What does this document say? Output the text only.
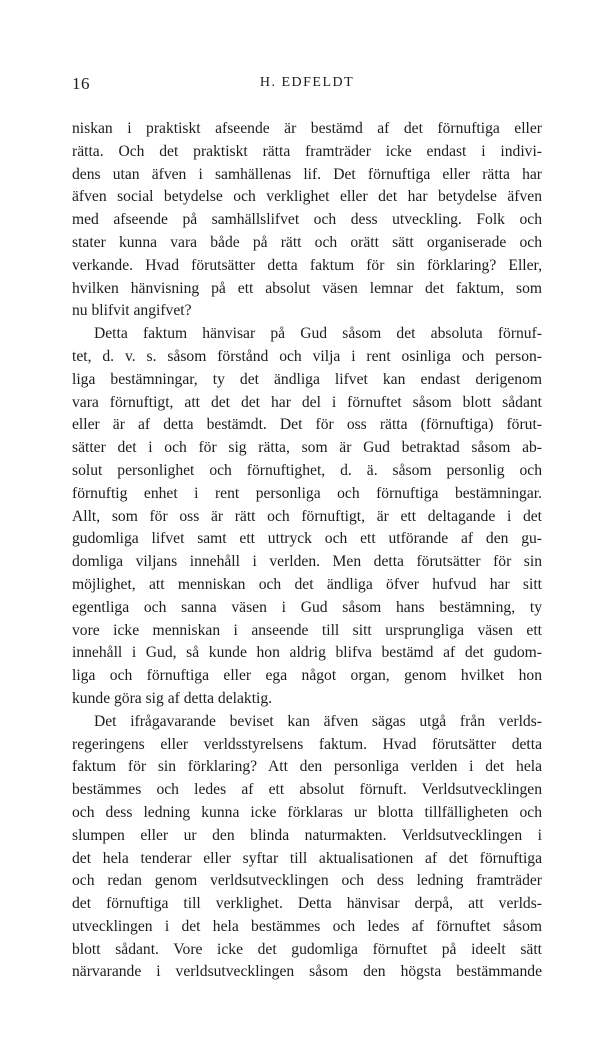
16	H. EDFELDT
niskan i praktiskt afseende är bestämd af det förnuftiga eller
rätta. Och det praktiskt rätta framträder icke endast i indivi-
dens utan äfven i samhällenas lif. Det förnuftiga eller rätta har
äfven social betydelse och verklighet eller det har betydelse äfven
med afseende på samhällslifvet och dess utveckling. Folk och
stater kunna vara både på rätt och orätt sätt organiserade och
verkande. Hvad förutsätter detta faktum för sin förklaring? Eller,
hvilken hänvisning på ett absolut väsen lemnar det faktum, som
nu blifvit angifvet?
Detta faktum hänvisar på Gud såsom det absoluta förnuf-
tet, d. v. s. såsom förstånd och vilja i rent osinliga och person-
liga bestämningar, ty det ändliga lifvet kan endast derigenom
vara förnuftigt, att det det har del i förnuftet såsom blott sådant
eller är af detta bestämdt. Det för oss rätta (förnuftiga) förut-
sätter det i och för sig rätta, som är Gud betraktad såsom ab-
solut personlighet och förnuftighet, d. ä. såsom personlig och
förnuftig enhet i rent personliga och förnuftiga bestämningar.
Allt, som för oss är rätt och förnuftigt, är ett deltagande i det
gudomliga lifvet samt ett uttryck och ett utförande af den gu-
domliga viljans innehåll i verlden. Men detta förutsätter för sin
möjlighet, att menniskan och det ändliga öfver hufvud har sitt
egentliga och sanna väsen i Gud såsom hans bestämning, ty
vore icke menniskan i anseende till sitt ursprungliga väsen ett
innehåll i Gud, så kunde hon aldrig blifva bestämd af det gudom-
liga och förnuftiga eller ega något organ, genom hvilket hon
kunde göra sig af detta delaktig.
Det ifrågavarande beviset kan äfven sägas utgå från verlds-
regeringens eller verldsstyrelsens faktum. Hvad förutsätter detta
faktum för sin förklaring? Att den personliga verlden i det hela
bestämmes och ledes af ett absolut förnuft. Verldsutvecklingen
och dess ledning kunna icke förklaras ur blotta tillfälligheten och
slumpen eller ur den blinda naturmakten. Verldsutvecklingen i
det hela tenderar eller syftar till aktualisationen af det förnuftiga
och redan genom verldsutvecklingen och dess ledning framträder
det förnuftiga till verklighet. Detta hänvisar derpå, att verlds-
utvecklingen i det hela bestämmes och ledes af förnuftet såsom
blott sådant. Vore icke det gudomliga förnuftet på ideelt sätt
närvarande i verldsutvecklingen såsom den högsta bestämmande
